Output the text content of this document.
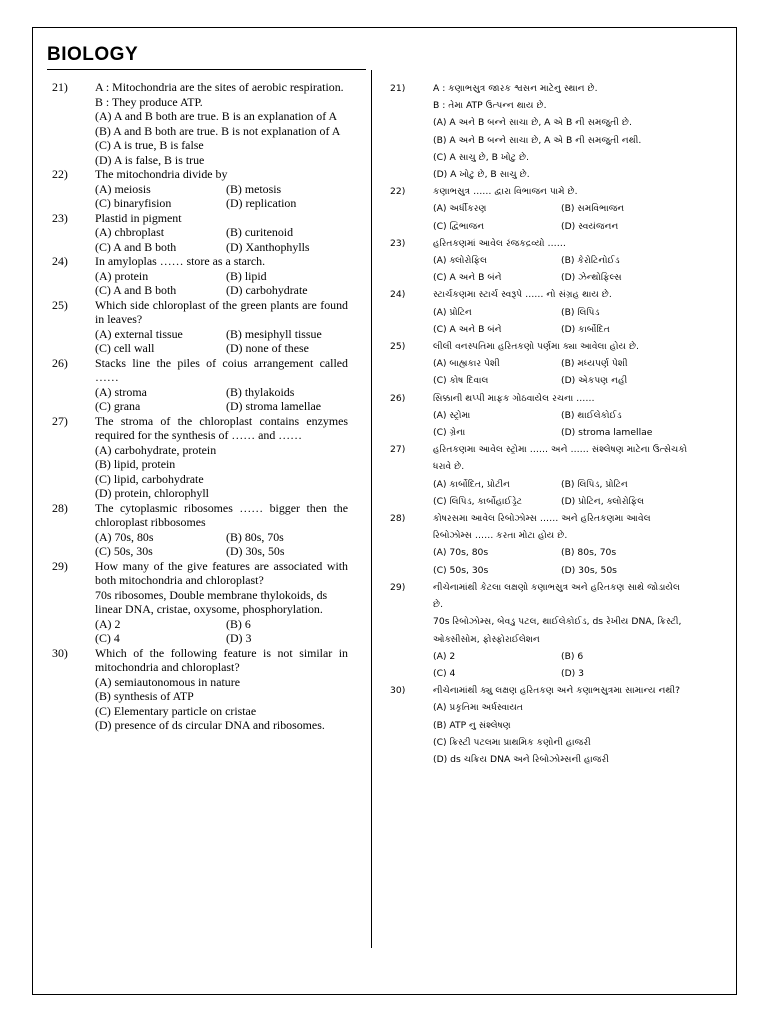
BIOLOGY
21)	A : Mitochondria are the sites of aerobic respiration.

B : They produce ATP.

(A) A and B both are true. B is an explanation of A

(B) A and B both are true. B is not explanation of A

(C) A is true, B is false

(D) A is false, B is true

22)	The mitochondria divide by

(A) meiosis	(B) metosis
(C) binaryfision	(D) replication
23)	Plastid in pigment

(A) chbroplast	(B) curitenoid
(C) A and B both	(D) Xanthophylls
24)	In amyloplas …… store as a starch.

(A) protein	(B) lipid
(C) A and B both	(D) carbohydrate
25)	Which side chloroplast of the green plants are found in leaves?

(A) external tissue	(B) mesiphyll tissue
(C) cell wall	(D) none of these
26)	Stacks line the piles of coius arrangement called ……

(A) stroma	(B) thylakoids
(C) grana	(D) stroma lamellae
27)	The stroma of the chloroplast contains enzymes required for the synthesis of …… and ……

(A) carbohydrate, protein

(B) lipid, protein

(C) lipid, carbohydrate

(D) protein, chlorophyll

28)	The cytoplasmic ribosomes …… bigger then the chloroplast ribbosomes

(A) 70s, 80s	(B) 80s, 70s
(C) 50s, 30s	(D) 30s, 50s
29)	How many of the give features are associated with both mitochondria and chloroplast?

70s ribosomes, Double membrane thylokoids, ds linear DNA, cristae, oxysome, phosphorylation.

(A) 2	(B) 6
(C) 4	(D) 3
30)	Which of the following feature is not similar in mitochondria and chloroplast?

(A) semiautonomous in nature

(B) synthesis of ATP

(C) Elementary particle on cristae

(D) presence of ds circular DNA and ribosomes.

21)	A : કણાભસુત્ર જારક શ્વસન માટેનુ સ્થાન છે.

B : તેમા ATP ઉત્પન્ન થાય છે.

(A) A અને B બન્ને સાચા છે, A એ B ની સમજુતી છે.

(B) A અને B બન્ને સાચા છે, A એ B ની સમજુતી નથી.

(C) A સાચુ છે, B ખોટુ છે.

(D) A ખોટુ છે, B સાચુ છે.

22)	કણાભસુત્ર …… દ્વારા વિભાજન પામે છે.

(A) અર્ધીકરણ	(B) સમવિભાજન
(C) દ્વિભાજન	(D) સ્વયંજનન
23)	હરિતકણમાં આવેલ રંજકદ્રવ્યો ……

(A) ક્લોરોફિલ	(B) કેરોટિનોઈડ
(C) A અને B બંને	(D) ઝેન્થોફિલ્સ
24)	સ્ટાર્ચકણમા સ્ટાર્ચ સ્વરૂપે …… નો સંગ્રહ થાય છે.

(A) પ્રોટિન	(B) લિપિડ
(C) A અને B બંને	(D) કાર્બોદિત
25)	લીલી વનસ્પતિમા હરિતકણો પર્ણમા ક્યા આવેલા હોય છે.

(A) બાહ્યકાર પેશી	(B) મધ્યપર્ણ પેશી
(C) કોષ દિવાલ	(D) એકપણ નહી
26)	સિક્કાની થપ્પી માફક ગોઠવાયેલ રચના ……

(A) સ્ટ્રોમા	(B) થાઈલેકોઈડ
(C) ગ્રેના	(D) stroma lamellae
27)	હરિતકણમા આવેલ સ્ટ્રોમા …… અને …… સંશ્લેષણ માટેના ઉત્સેચકો ધરાવે છે.

(A) કાર્બોદિત, પ્રોટીન	(B) લિપિડ, પ્રોટિન
(C) લિપિડ, કાર્બોહાઈડ્રેટ	(D) પ્રોટિન, ક્લોરોફિલ
28)	કોષરસમા આવેલ રિબોઝોમ્સ …… અને હરિતકણમા આવેલ રિબોઝોમ્સ …… કરતા મોટા હોય છે.

(A) 70s, 80s	(B) 80s, 70s
(C) 50s, 30s	(D) 30s, 50s
29)	નીચેનામાંથી કેટલા લક્ષણો કણાભસુત્ર અને હરિતકણ સાથે જોડાયેલ છે.

70s રિબોઝોમ્સ, બેવડુ પટલ, થાઈલેકોઈડ, ds રેખીય DNA, ક્રિસ્ટી, ઓક્સીસોમ, ફોસ્ફોરાઈલેશન

(A) 2	(B) 6
(C) 4	(D) 3
30)	નીચેનામાંથી ક્યુ લક્ષણ હરિતકણ અને કણાભસુત્રમા સામાન્ય નથી?

(A) પ્રકૃતિમા અર્ધસ્વાયત

(B) ATP નુ સંશ્લેષણ

(C) ક્રિસ્ટી પટલમા પ્રાથમિક કણોની હાજરી

(D) ds ચક્રિય DNA અને રિબોઝોમ્સની હાજરી
